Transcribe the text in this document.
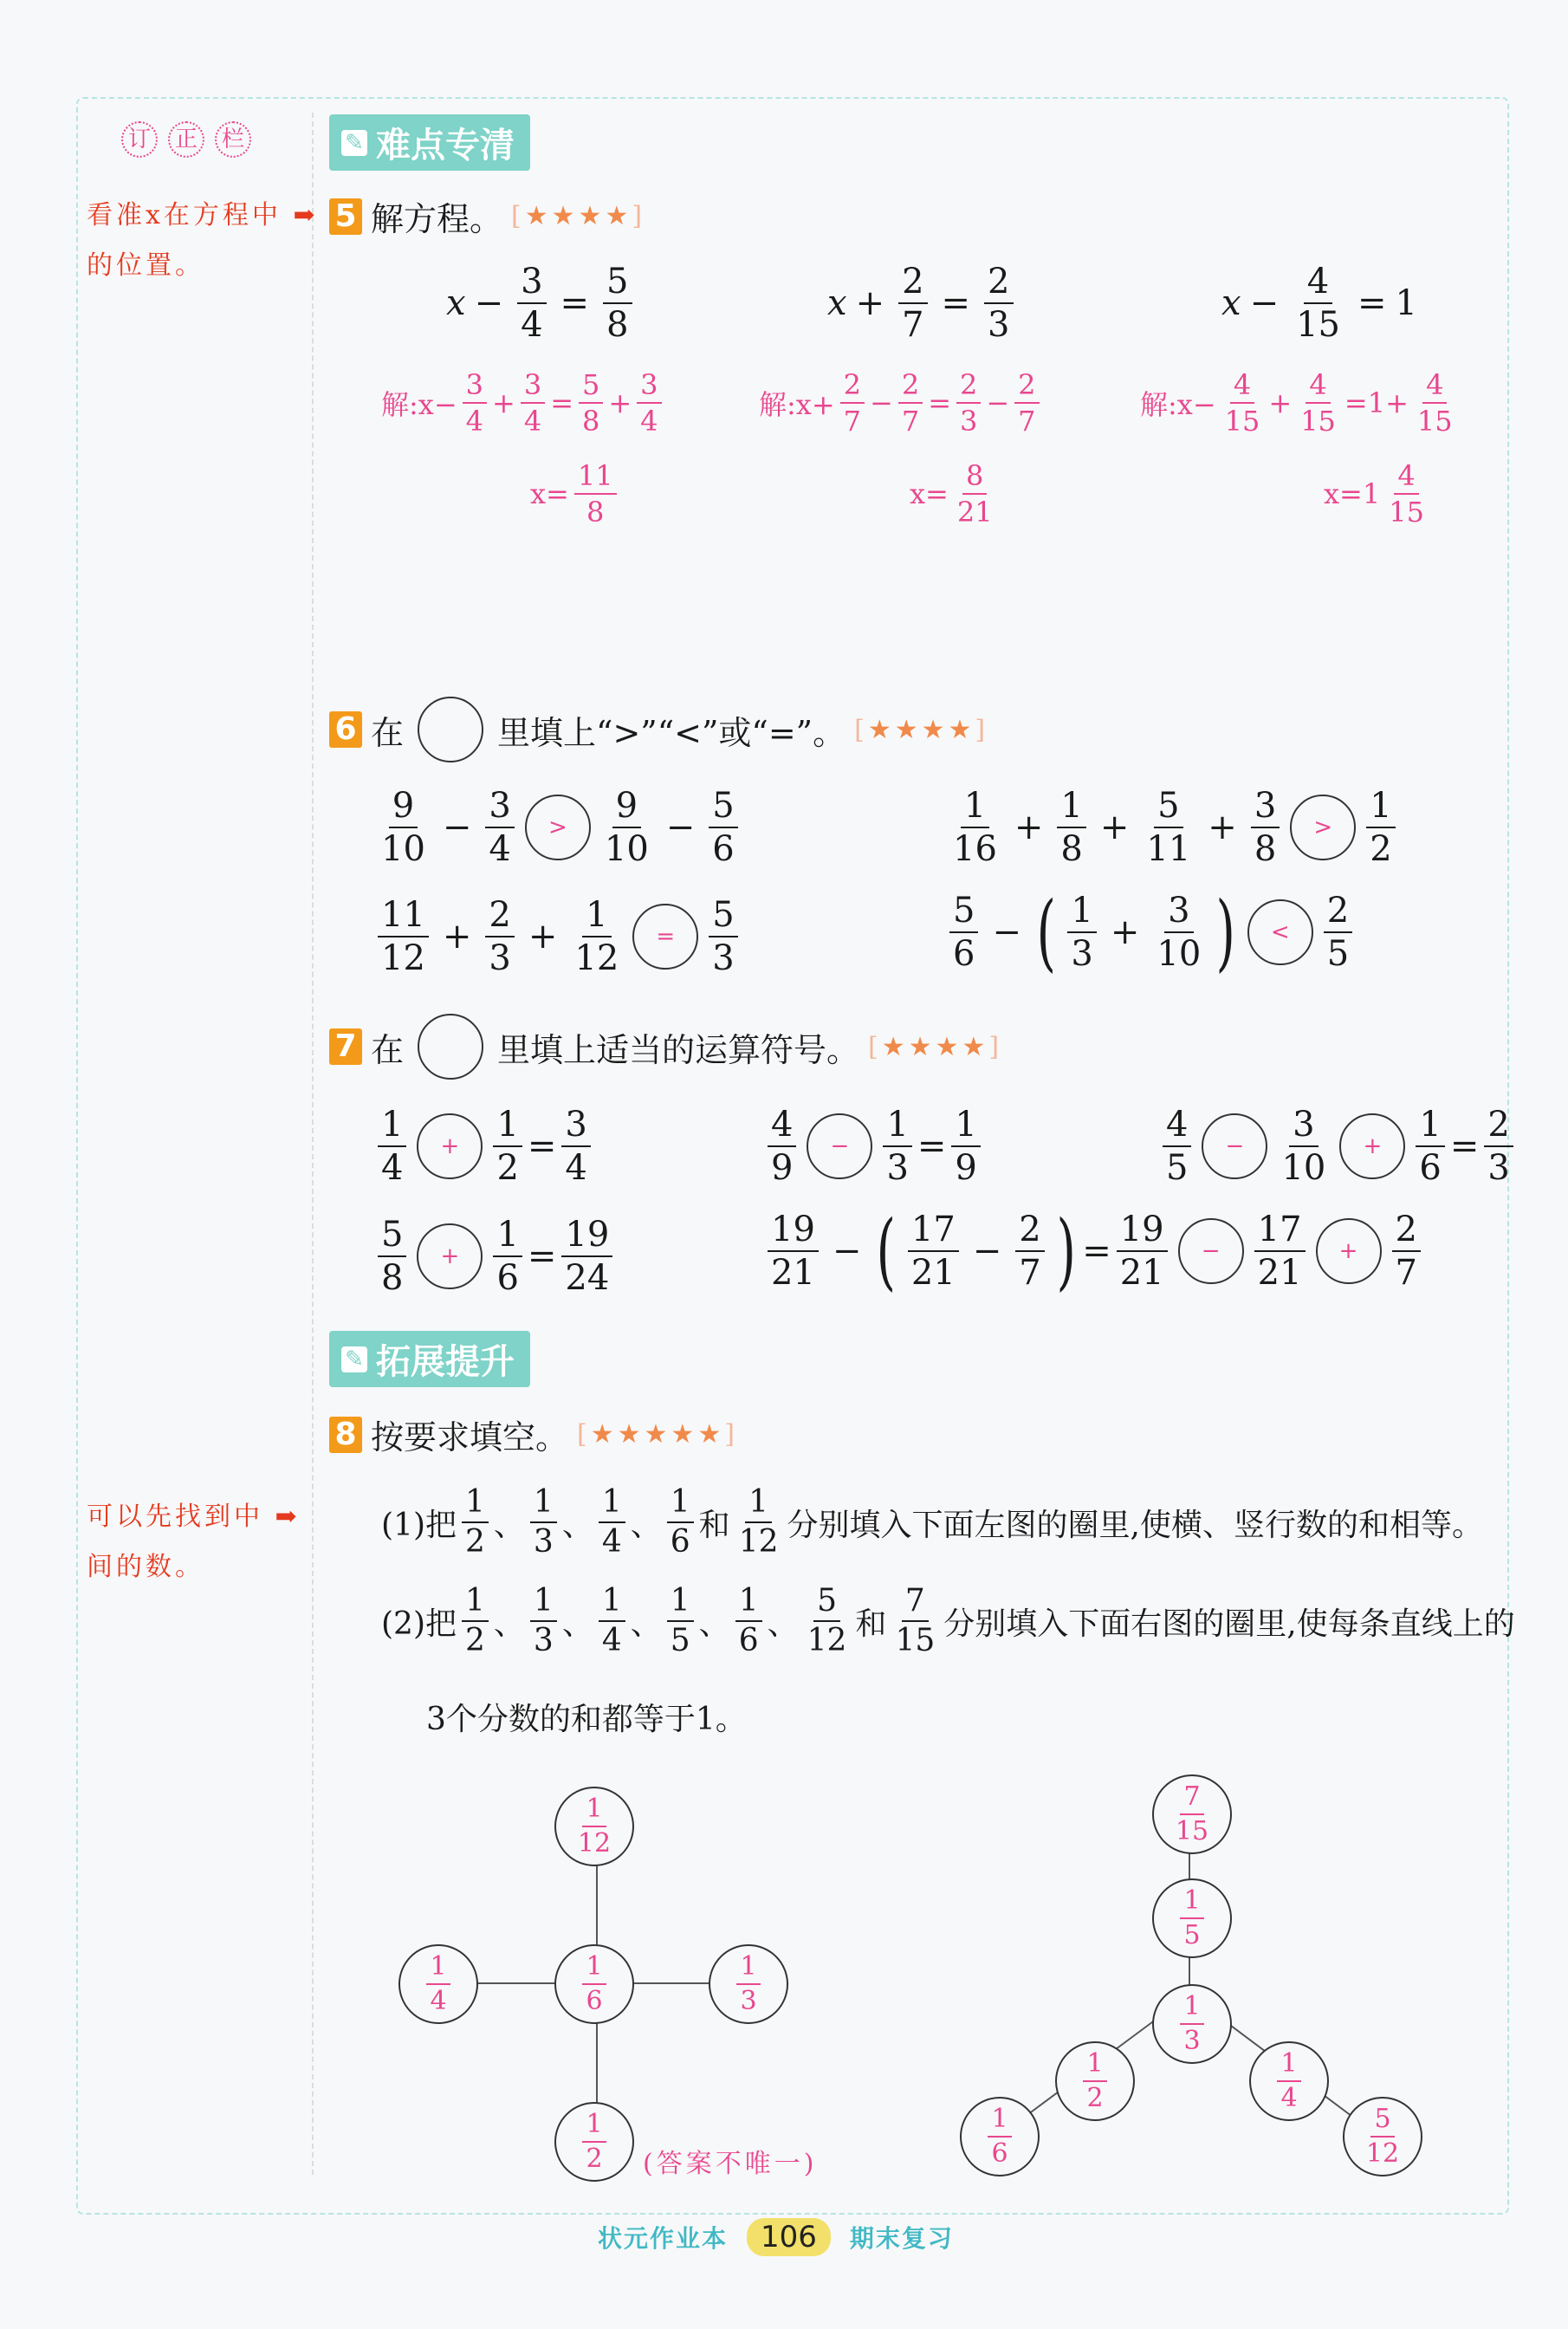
订	正	栏
看准x在方程中 ➡
的位置。
可以先找到中 ➡
间的数。
✎ 难点专清
5 解方程。 [★★★★]
$x - \frac{3}{4} = \frac{5}{8}$	$x + \frac{2}{7} = \frac{2}{3}$	$x - \frac{4}{15} = 1$
解:x− $\frac{3}{4} + \frac{3}{4} = \frac{5}{8} + \frac{3}{4}$
$x= \frac{11}{8}$
解:x+ $\frac{2}{7} - \frac{2}{7} = \frac{2}{3} - \frac{2}{7}$
$x= \frac{8}{21}$
解:x− $\frac{4}{15} + \frac{4}{15} =1+ \frac{4}{15}$
$x=1 \frac{4}{15}$
6 在	里填上“>”“<”或“=”。 [★★★★]
$\frac{9}{10} - \frac{3}{4} > \frac{9}{10} - \frac{5}{6}$	$\frac{1}{16} + \frac{1}{8} + \frac{5}{11} + \frac{3}{8} > \frac{1}{2}$
$\frac{11}{12} + \frac{2}{3} + \frac{1}{12} = \frac{5}{3}$	$\frac{5}{6}$ − ( $\frac{1}{3} + \frac{3}{10}$ ) < $\frac{2}{5}$
7 在	里填上适当的运算符号。 [★★★★]
$\frac{1}{4} + \frac{1}{2} = \frac{3}{4}$	$\frac{4}{9} - \frac{1}{3} = \frac{1}{9}$	$\frac{4}{5} - \frac{3}{10} + \frac{1}{6} = \frac{2}{3}$
$\frac{5}{8} + \frac{1}{6} = \frac{19}{24}$	$\frac{19}{21}$ − ( $\frac{17}{21} - \frac{2}{7}$ ) = $\frac{19}{21} - \frac{17}{21} + \frac{2}{7}$
✎ 拓展提升
8 按要求填空。 [★★★★★]
(1)把 $\frac{1}{2}$ 、 $\frac{1}{3}$ 、 $\frac{1}{4}$ 、 $\frac{1}{6}$ 和 $\frac{1}{12}$ 分别填入下面左图的圈里,使横、竖行数的和相等。
(2)把 $\frac{1}{2}$ 、 $\frac{1}{3}$ 、 $\frac{1}{4}$ 、 $\frac{1}{5}$ 、 $\frac{1}{6}$ 、 $\frac{5}{12}$ 和 $\frac{7}{15}$ 分别填入下面右图的圈里,使每条直线上的
3个分数的和都等于1。
$\frac{1}{12}$
$\frac{1}{4}$	$\frac{1}{6}$	$\frac{1}{3}$
$\frac{1}{2}$ (答案不唯一)
$\frac{7}{15}$
$\frac{1}{5}$
$\frac{1}{3}$
$\frac{1}{2}$	$\frac{1}{4}$
$\frac{1}{6}$	$\frac{5}{12}$
状元作业本	106	期末复习
